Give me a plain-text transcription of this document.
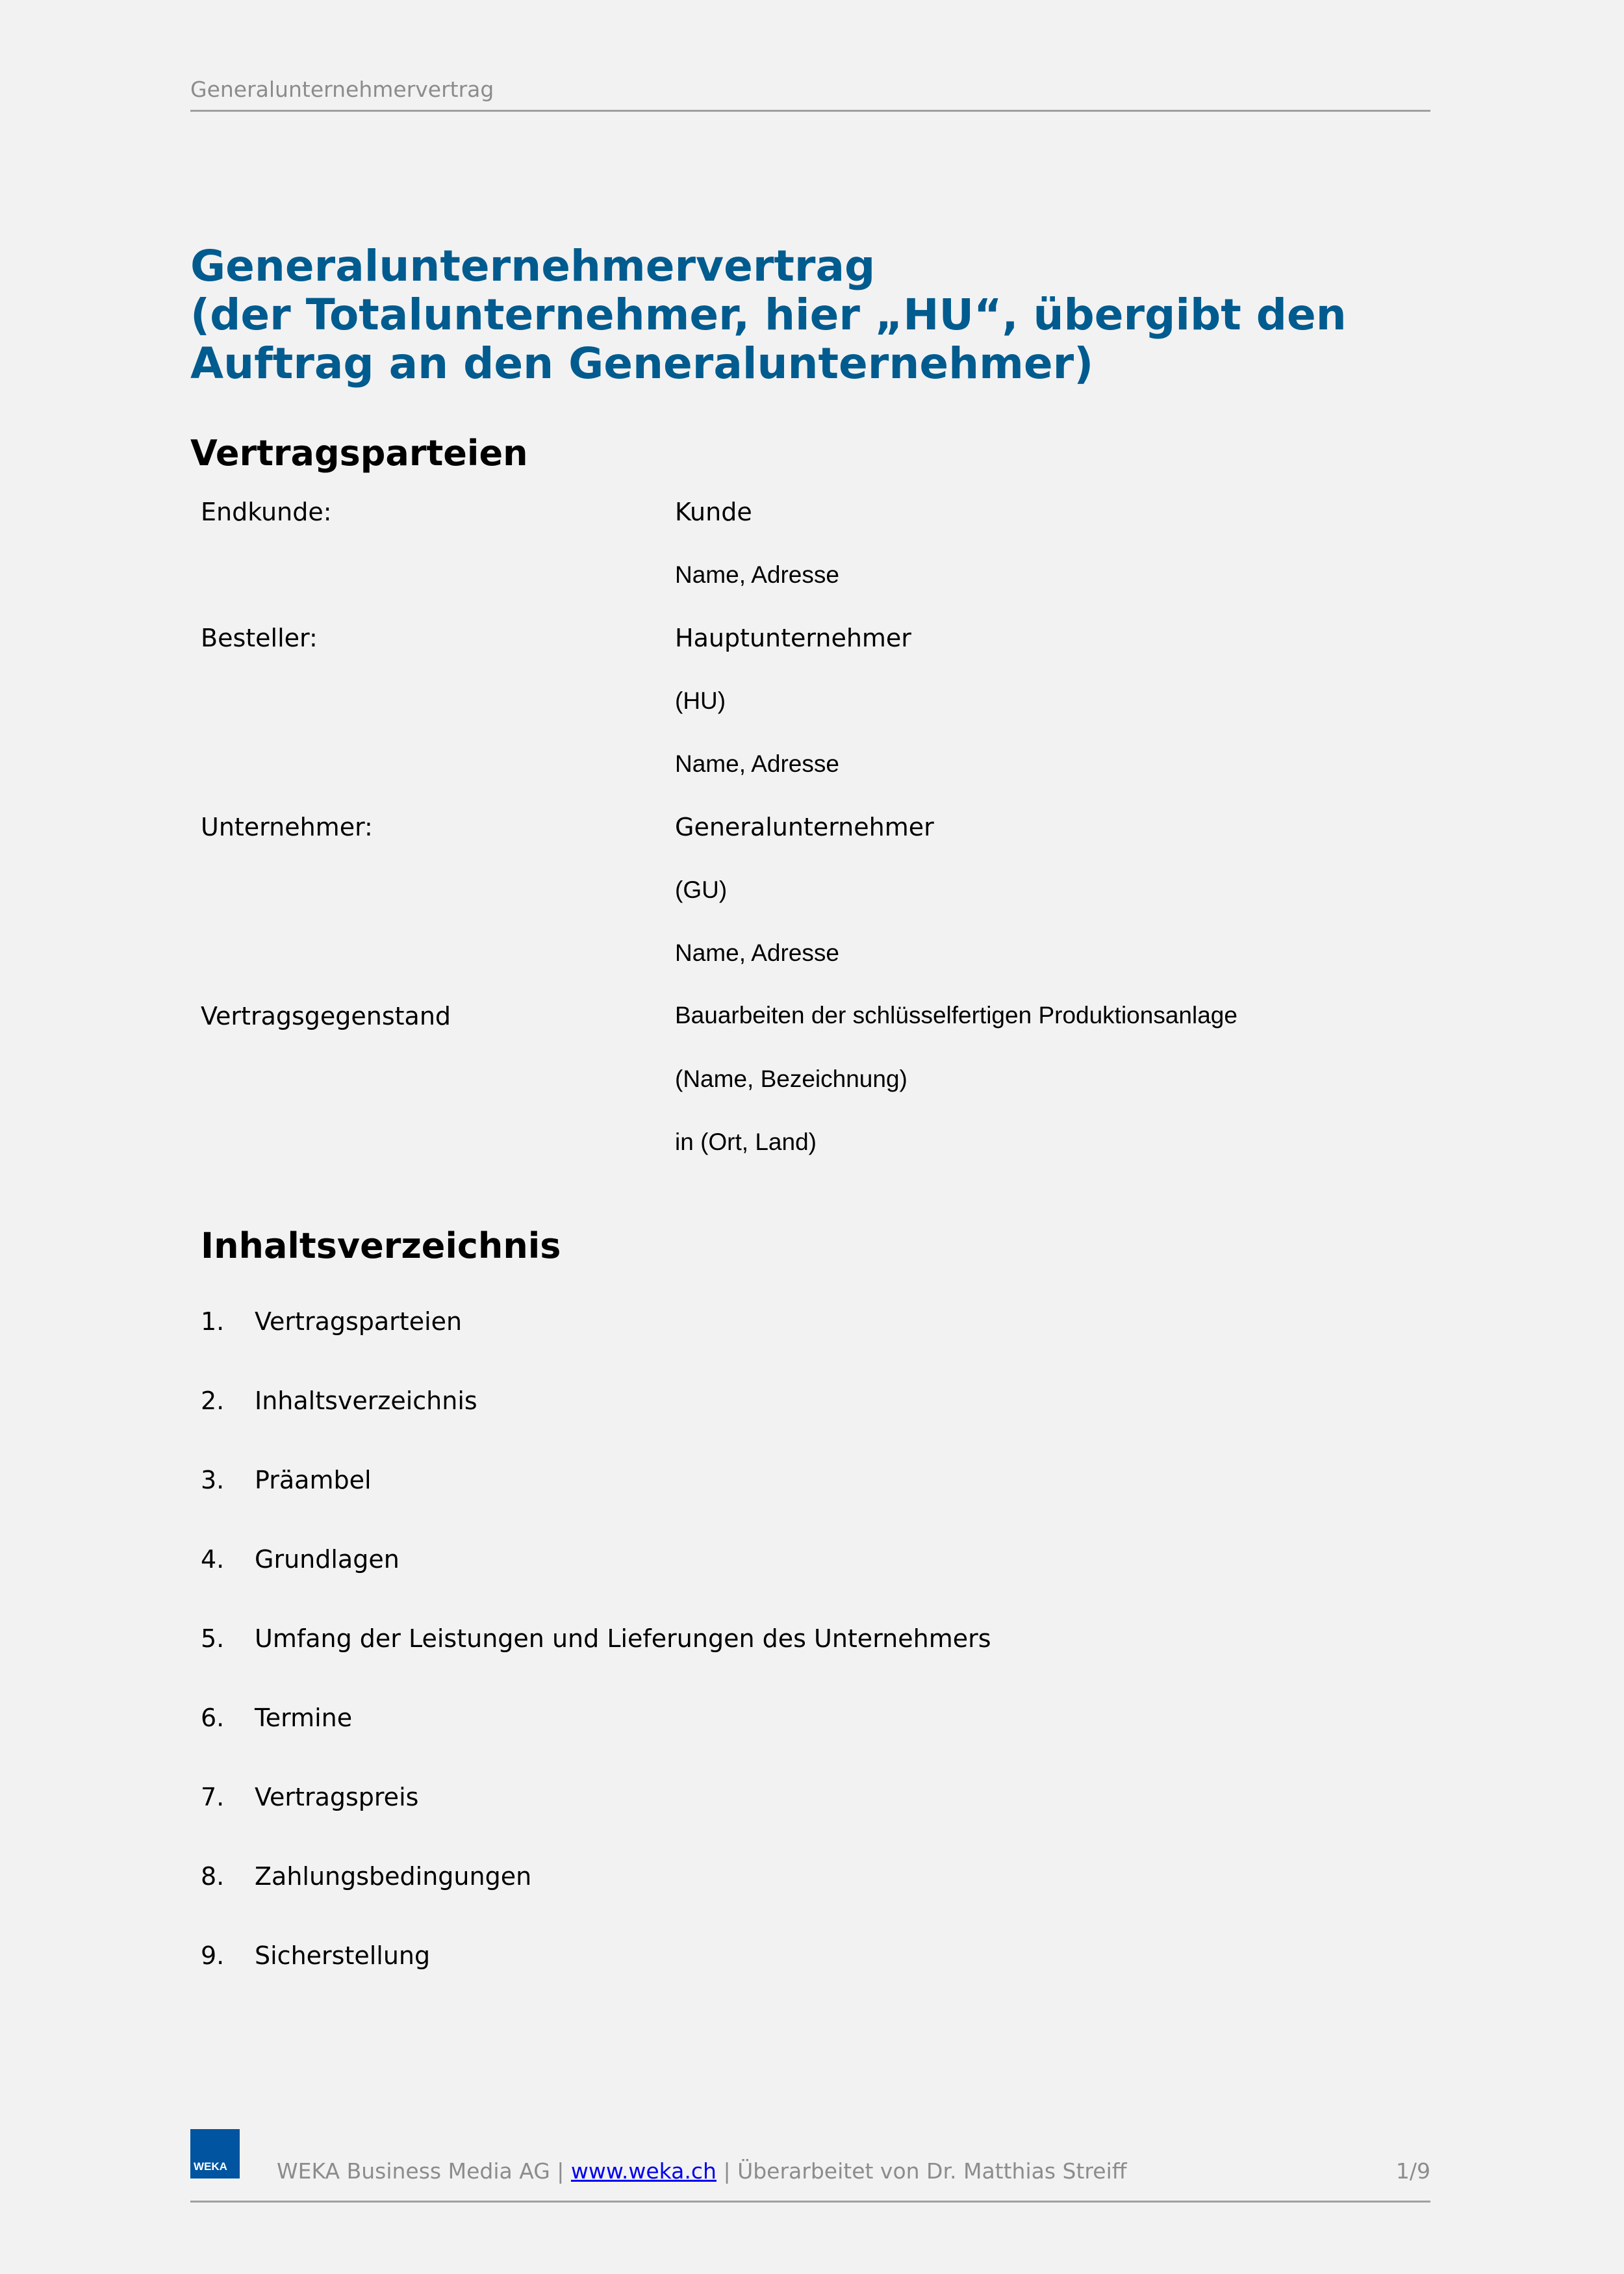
Generalunternehmervertrag
Generalunternehmervertrag
(der Totalunternehmer, hier „HU“, übergibt den
Auftrag an den Generalunternehmer)
Vertragsparteien
Endkunde:	Kunde
Name, Adresse
Besteller:	Hauptunternehmer
(HU)
Name, Adresse
Unternehmer:	Generalunternehmer
(GU)
Name, Adresse
Vertragsgegenstand	Bauarbeiten der schlüsselfertigen Produktionsanlage
(Name, Bezeichnung)
in (Ort, Land)
Inhaltsverzeichnis
1. Vertragsparteien
2. Inhaltsverzeichnis
3. Präambel
4. Grundlagen
5. Umfang der Leistungen und Lieferungen des Unternehmers
6. Termine
7. Vertragspreis
8. Zahlungsbedingungen
9. Sicherstellung
WEKA WEKA Business Media AG | www.weka.ch | Überarbeitet von Dr. Matthias Streiff	1/9
